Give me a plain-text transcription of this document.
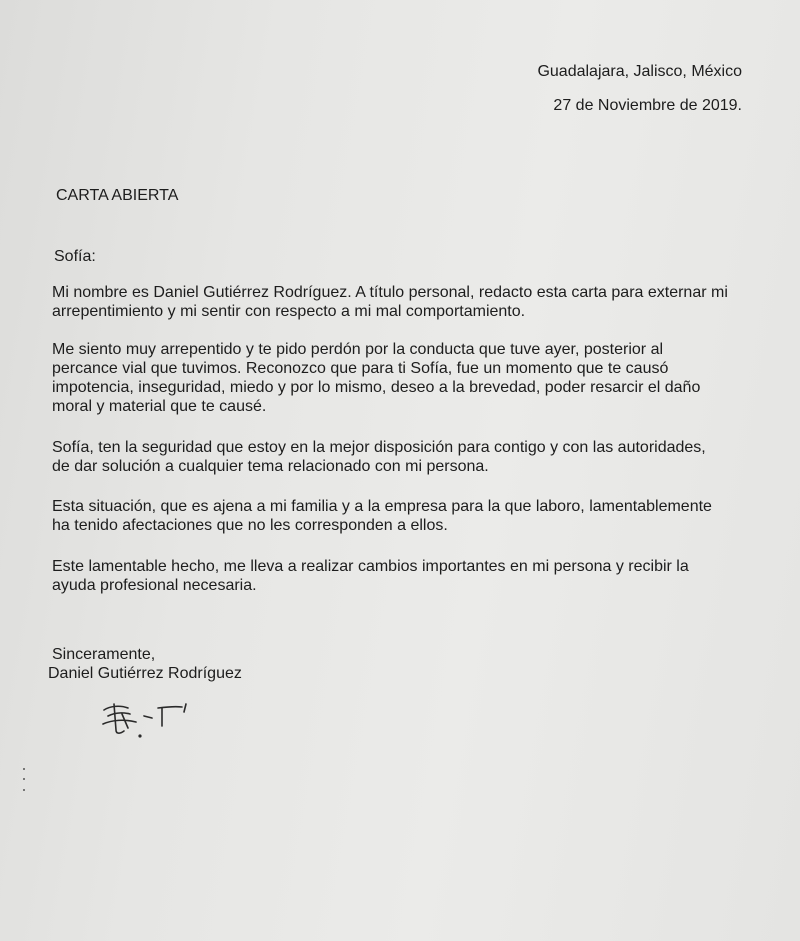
Guadalajara, Jalisco, México

27 de Noviembre de 2019.

CARTA ABIERTA

Sofía:

Mi nombre es Daniel Gutiérrez Rodríguez. A título personal, redacto esta carta para externar mi
arrepentimiento y mi sentir con respecto a mi mal comportamiento.
Me siento muy arrepentido y te pido perdón por la conducta que tuve ayer, posterior al
percance vial que tuvimos. Reconozco que para ti Sofía, fue un momento que te causó
impotencia, inseguridad, miedo y por lo mismo, deseo a la brevedad, poder resarcir el daño
moral y material que te causé.
Sofía, ten la seguridad que estoy en la mejor disposición para contigo y con las autoridades,
de dar solución a cualquier tema relacionado con mi persona.
Esta situación, que es ajena a mi familia y a la empresa para la que laboro, lamentablemente
ha tenido afectaciones que no les corresponden a ellos.
Este lamentable hecho, me lleva a realizar cambios importantes en mi persona y recibir la
ayuda profesional necesaria.

Sinceramente,

Daniel Gutiérrez Rodríguez
